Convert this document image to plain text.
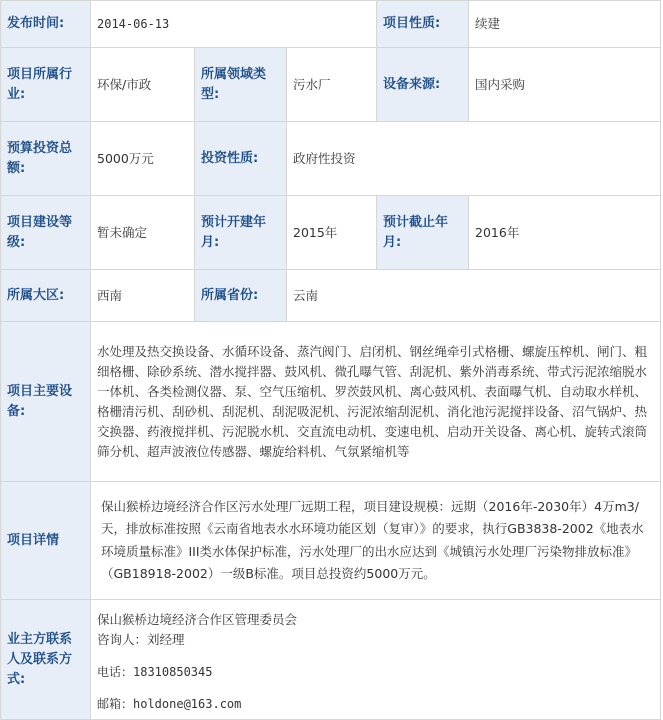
发布时间:	2014-06-13			项目性质:	续建
项目所属行业:	环保/市政	所属领域类型:	污水厂	设备来源:	国内采购
预算投资总额:	5000万元	投资性质:	政府性投资		
项目建设等级:	暂未确定	预计开建年月:	2015年	预计截止年月:	2016年
所属大区:	西南	所属省份:	云南		
项目主要设备:	水处理及热交换设备、水循环设备、蒸汽阀门、启闭机、钢丝绳牵引式格栅、螺旋压榨机、闸门、粗细格栅、除砂系统、潜水搅拌器、鼓风机、微孔曝气管、刮泥机、紫外消毒系统、带式污泥浓缩脱水一体机、各类检测仪器、泵、空气压缩机、罗茨鼓风机、离心鼓风机、表面曝气机、自动取水样机、格栅清污机、刮砂机、刮泥机、刮泥吸泥机、污泥浓缩刮泥机、消化池污泥搅拌设备、沼气锅炉、热交换器、药液搅拌机、污泥脱水机、交直流电动机、变速电机、启动开关设备、离心机、旋转式滚筒筛分机、超声波液位传感器、螺旋给料机、气氛紧缩机等				
项目详情	保山猴桥边境经济合作区污水处理厂远期工程，项目建设规模：远期（2016年-2030年）4万m3/天，排放标准按照《云南省地表水水环境功能区划（复审）》的要求，执行GB3838-2002《地表水环境质量标准》III类水体保护标准，污水处理厂的出水应达到《城镇污水处理厂污染物排放标准》（GB18918-2002）一级B标准。项目总投资约5000万元。				

业主方联系人及联系方式:	保山猴桥边境经济合作区管理委员会
咨询人：刘经理
电话：18310850345
邮箱：holdone@163.com				
